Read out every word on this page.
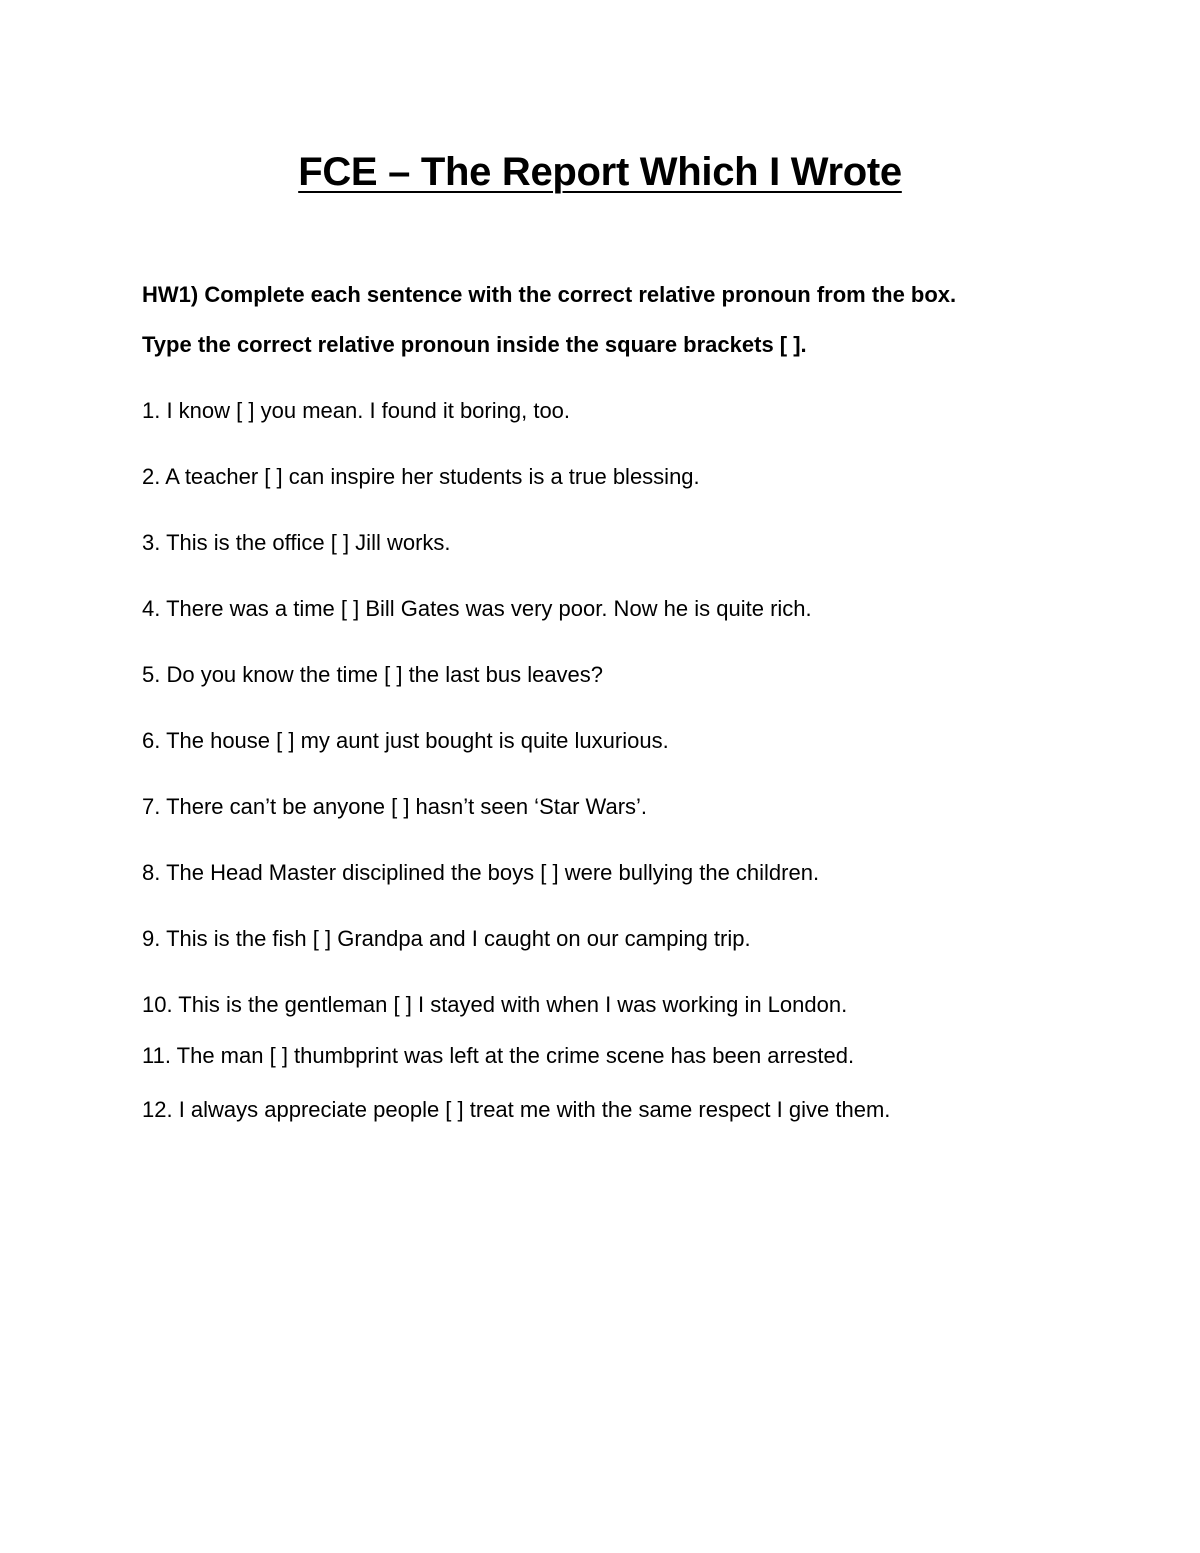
FCE – The Report Which I Wrote
HW1) Complete each sentence with the correct relative pronoun from the box.
Type the correct relative pronoun inside the square brackets [ ].
1. I know [ ] you mean. I found it boring, too.
2. A teacher [ ] can inspire her students is a true blessing.
3. This is the office [ ] Jill works.
4. There was a time [ ] Bill Gates was very poor. Now he is quite rich.
5. Do you know the time [ ] the last bus leaves?
6. The house [ ] my aunt just bought is quite luxurious.
7. There can’t be anyone [ ] hasn’t seen ‘Star Wars’.
8. The Head Master disciplined the boys [ ] were bullying the children.
9. This is the fish [ ] Grandpa and I caught on our camping trip.
10. This is the gentleman [ ] I stayed with when I was working in London.
11. The man [ ] thumbprint was left at the crime scene has been arrested.
12. I always appreciate people [ ] treat me with the same respect I give them.
